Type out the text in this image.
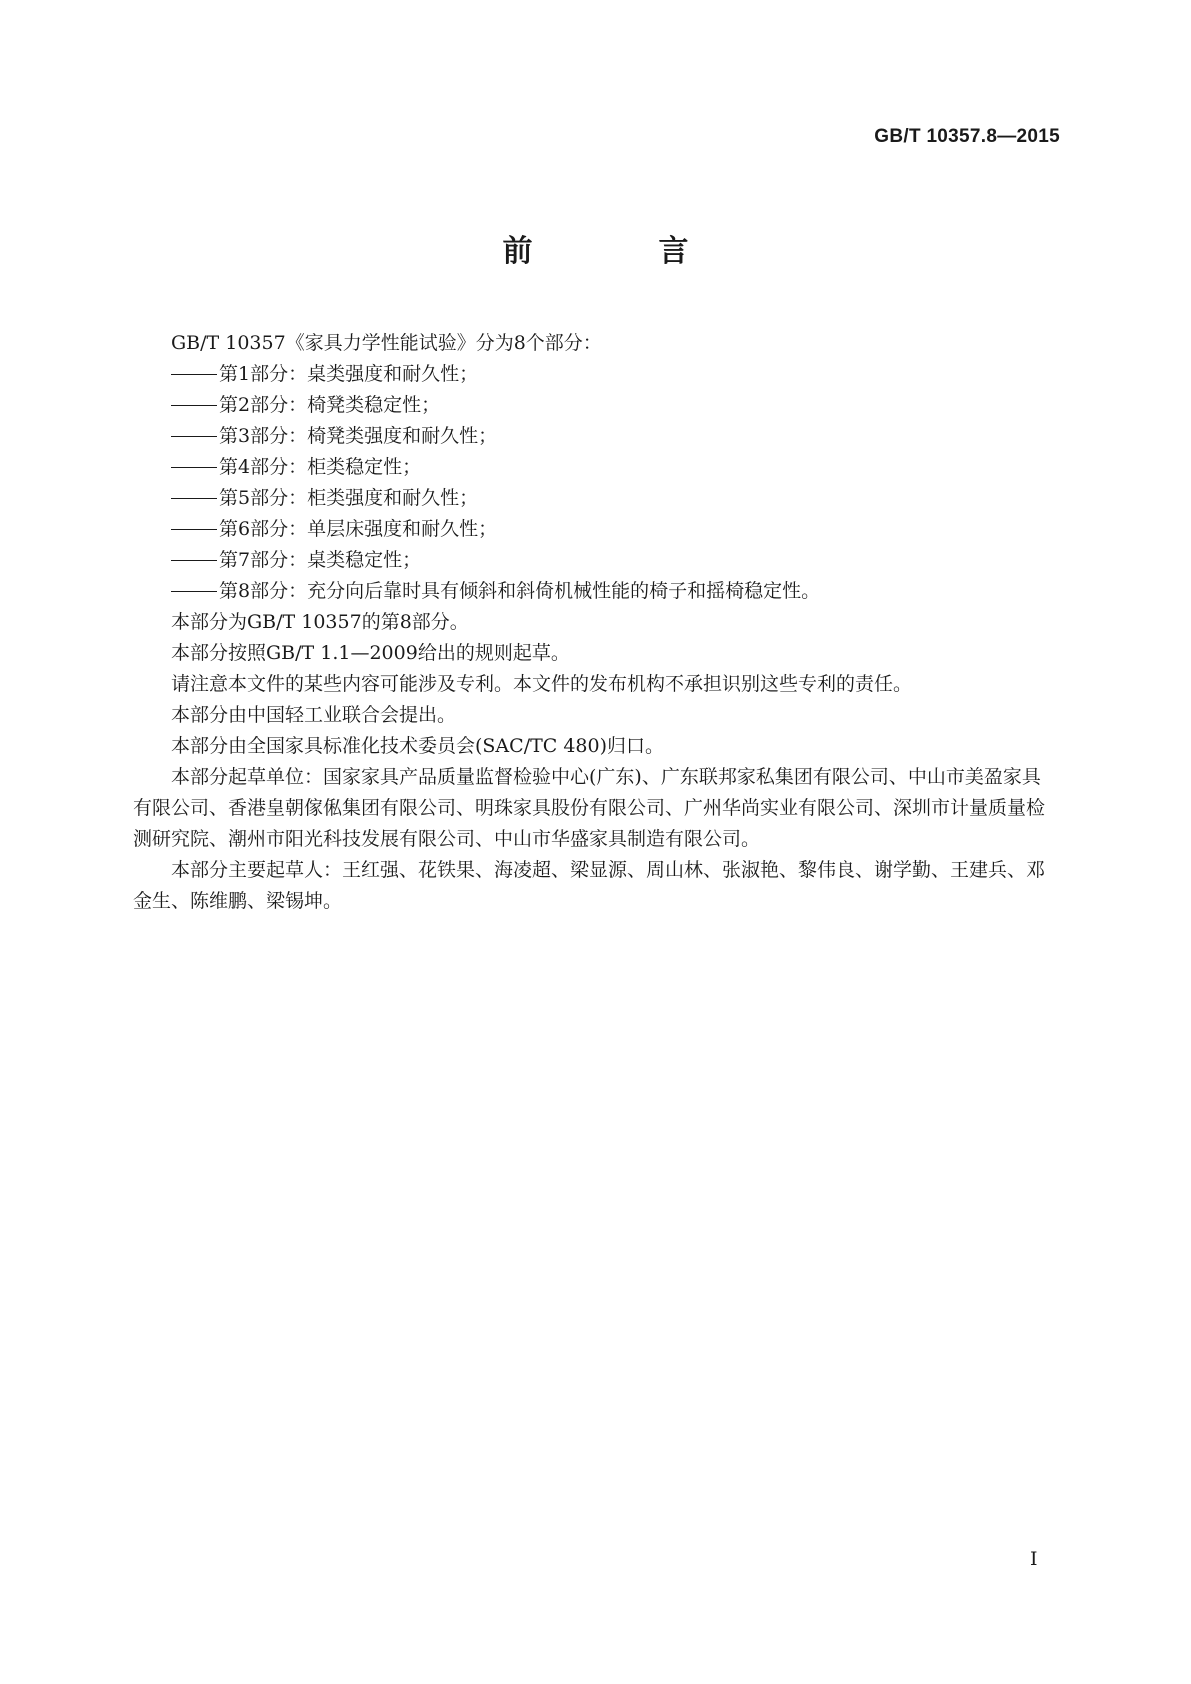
GB/T 10357.8—2015
前　言

GB/T 10357《家具力学性能试验》分为8个部分：

第1部分：桌类强度和耐久性；

第2部分：椅凳类稳定性；

第3部分：椅凳类强度和耐久性；

第4部分：柜类稳定性；

第5部分：柜类强度和耐久性；

第6部分：单层床强度和耐久性；

第7部分：桌类稳定性；

第8部分：充分向后靠时具有倾斜和斜倚机械性能的椅子和摇椅稳定性。

本部分为GB/T 10357的第8部分。

本部分按照GB/T 1.1—2009给出的规则起草。

请注意本文件的某些内容可能涉及专利。本文件的发布机构不承担识别这些专利的责任。

本部分由中国轻工业联合会提出。

本部分由全国家具标准化技术委员会(SAC/TC 480)归口。

本部分起草单位：国家家具产品质量监督检验中心(广东)、广东联邦家私集团有限公司、中山市美盈家具有限公司、香港皇朝傢俬集团有限公司、明珠家具股份有限公司、广州华尚实业有限公司、深圳市计量质量检测研究院、潮州市阳光科技发展有限公司、中山市华盛家具制造有限公司。

本部分主要起草人：王红强、花铁果、海凌超、梁显源、周山林、张淑艳、黎伟良、谢学勤、王建兵、邓金生、陈维鹏、梁锡坤。

I
